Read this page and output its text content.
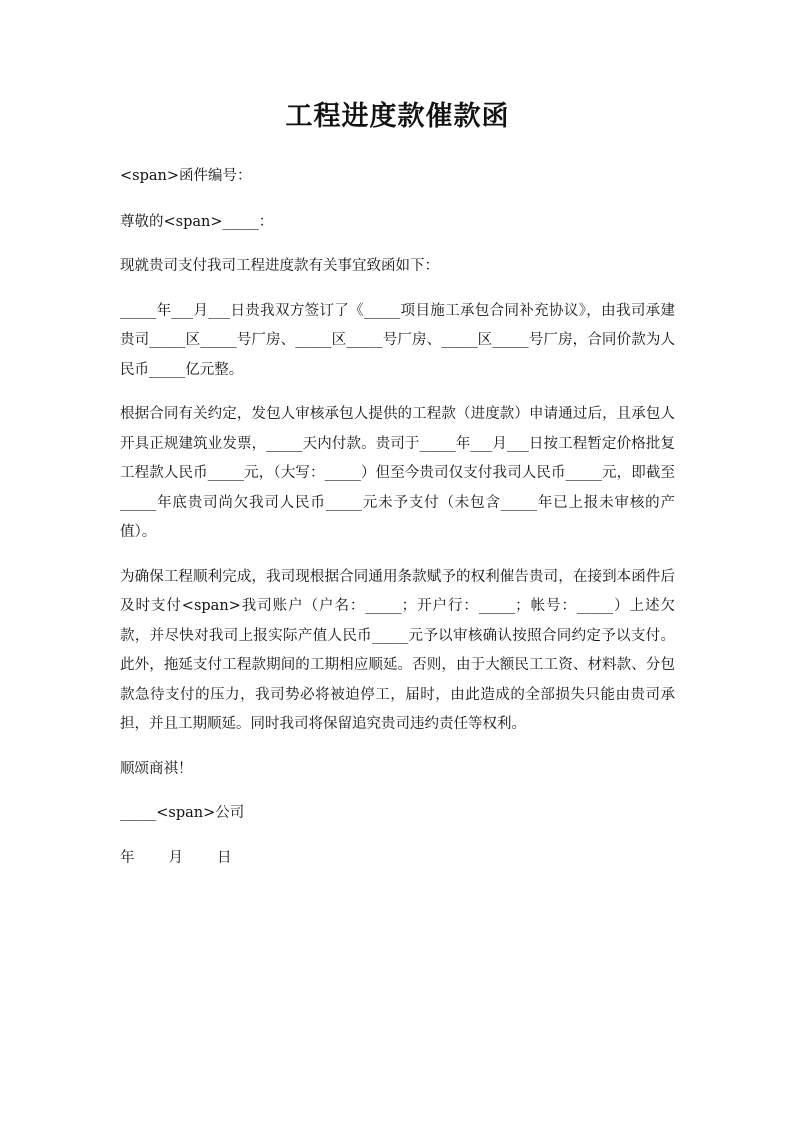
工程进度款催款函

<span>函件编号：

尊敬的<span>_____：

现就贵司支付我司工程进度款有关事宜致函如下：

_____年___月___日贵我双方签订了《_____项目施工承包合同补充协议》，由我司承建贵司_____区_____号厂房、_____区_____号厂房、_____区_____号厂房，合同价款为人民币_____亿元整。

根据合同有关约定，发包人审核承包人提供的工程款（进度款）申请通过后，且承包人开具正规建筑业发票，_____天内付款。贵司于_____年___月___日按工程暂定价格批复工程款人民币_____元，（大写：_____）但至今贵司仅支付我司人民币_____元，即截至_____年底贵司尚欠我司人民币_____元未予支付（未包含_____年已上报未审核的产值）。

为确保工程顺利完成，我司现根据合同通用条款赋予的权利催告贵司，在接到本函件后及时支付<span>我司账户（户名：_____；开户行：_____；帐号：_____）上述欠款，并尽快对我司上报实际产值人民币_____元予以审核确认按照合同约定予以支付。此外，拖延支付工程款期间的工期相应顺延。否则，由于大额民工工资、材料款、分包款急待支付的压力，我司势必将被迫停工，届时，由此造成的全部损失只能由贵司承担，并且工期顺延。同时我司将保留追究贵司违约责任等权利。

顺颂商祺！

_____<span>公司

年 月 日
